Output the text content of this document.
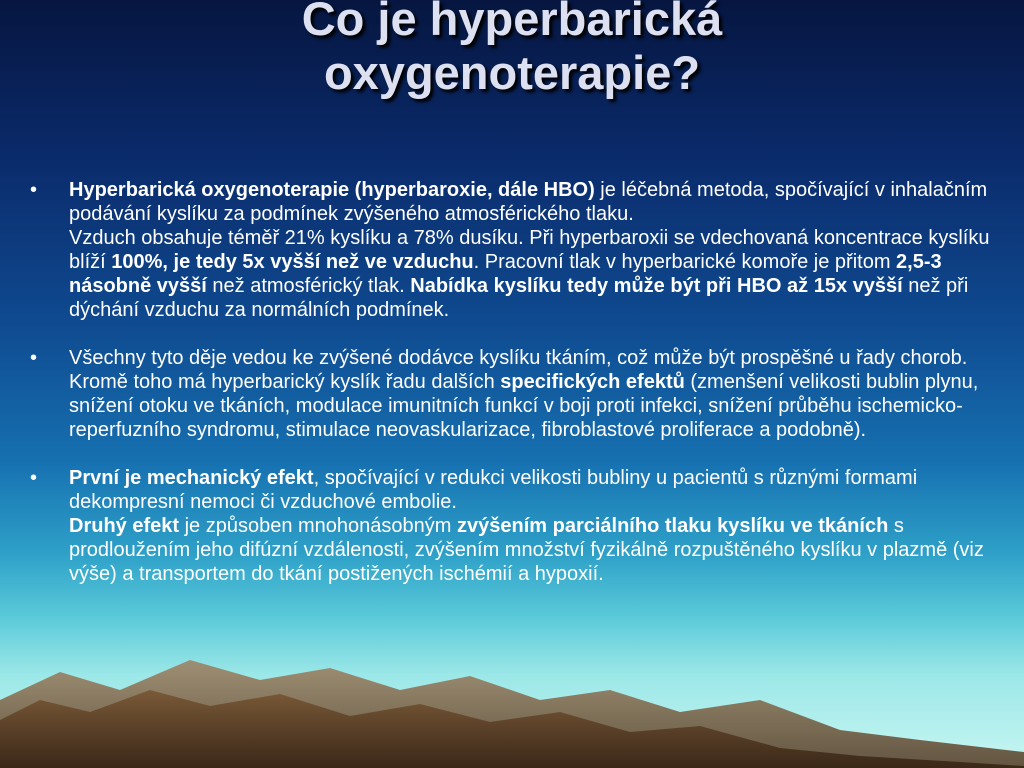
Co je hyperbarická
oxygenoterapie?
• Hyperbarická oxygenoterapie (hyperbaroxie, dále HBO) je léčebná metoda, spočívající v inhalačním podávání kyslíku za podmínek zvýšeného atmosférického tlaku.
Vzduch obsahuje téměř 21% kyslíku a 78% dusíku. Při hyperbaroxii se vdechovaná koncentrace kyslíku blíží 100%, je tedy 5x vyšší než ve vzduchu. Pracovní tlak v hyperbarické komoře je přitom 2,5-3 násobně vyšší než atmosférický tlak. Nabídka kyslíku tedy může být při HBO až 15x vyšší než při dýchání vzduchu za normálních podmínek.
• Všechny tyto děje vedou ke zvýšené dodávce kyslíku tkáním, což může být prospěšné u řady chorob. Kromě toho má hyperbarický kyslík řadu dalších specifických efektů (zmenšení velikosti bublin plynu, snížení otoku ve tkáních, modulace imunitních funkcí v boji proti infekci, snížení průběhu ischemicko-reperfuzního syndromu, stimulace neovaskularizace, fibroblastové proliferace a podobně).
• První je mechanický efekt, spočívající v redukci velikosti bubliny u pacientů s různými formami dekompresní nemoci či vzduchové embolie.
Druhý efekt je způsoben mnohonásobným zvýšením parciálního tlaku kyslíku ve tkáních s prodloužením jeho difúzní vzdálenosti, zvýšením množství fyzikálně rozpuštěného kyslíku v plazmě (viz výše) a transportem do tkání postižených ischémií a hypoxií.
